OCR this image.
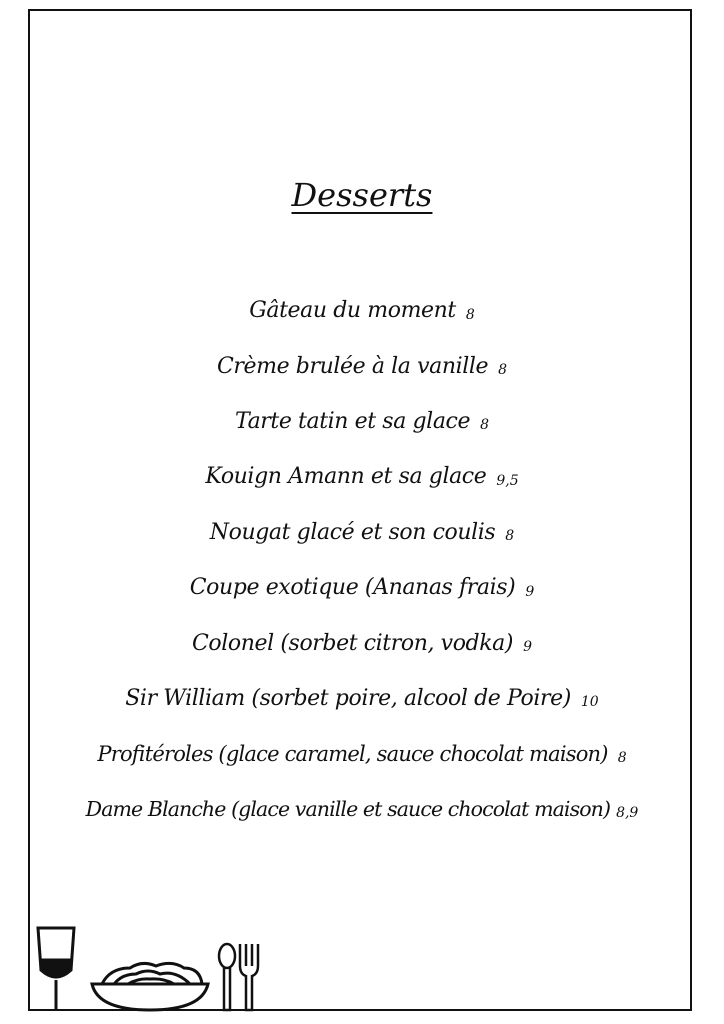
Desserts
Gâteau du moment 8
Crème brulée à la vanille 8
Tarte tatin et sa glace 8
Kouign Amann et sa glace 9,5
Nougat glacé et son coulis 8
Coupe exotique (Ananas frais) 9
Colonel (sorbet citron, vodka) 9
Sir William (sorbet poire, alcool de Poire) 10
Profitéroles (glace caramel, sauce chocolat maison) 8
Dame Blanche (glace vanille et sauce chocolat maison) 8,9
